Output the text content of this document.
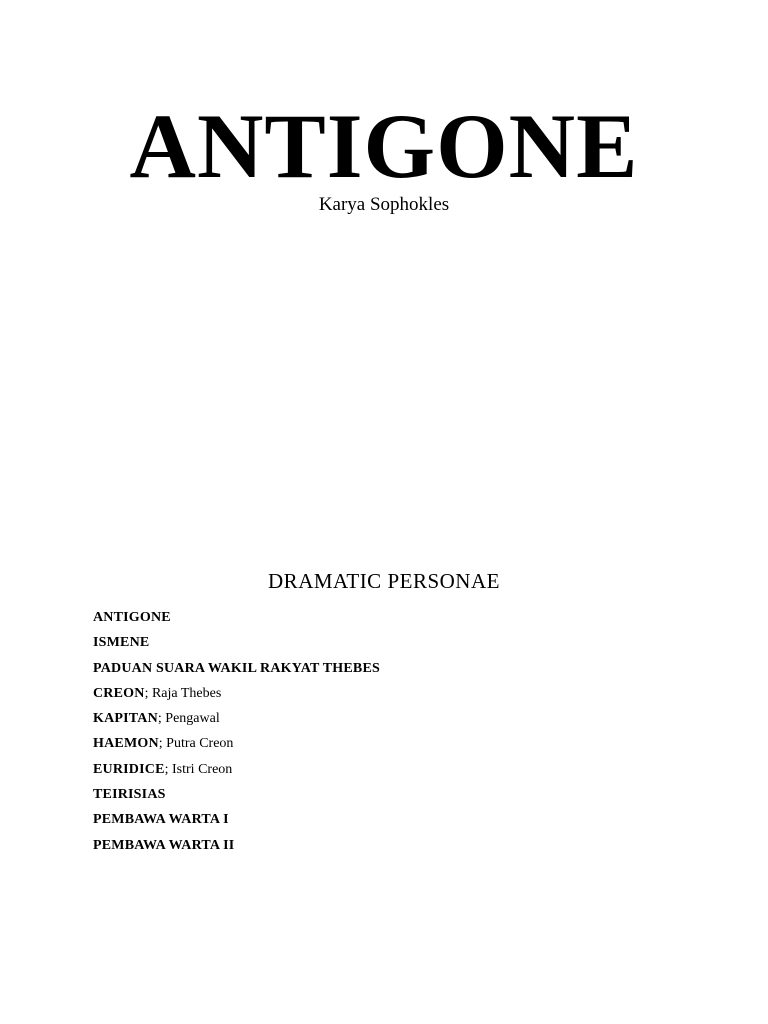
ANTIGONE

Karya Sophokles

DRAMATIC PERSONAE
ANTIGONE
ISMENE
PADUAN SUARA WAKIL RAKYAT THEBES
CREON; Raja Thebes
KAPITAN; Pengawal
HAEMON; Putra Creon
EURIDICE; Istri Creon
TEIRISIAS
PEMBAWA WARTA I
PEMBAWA WARTA II
